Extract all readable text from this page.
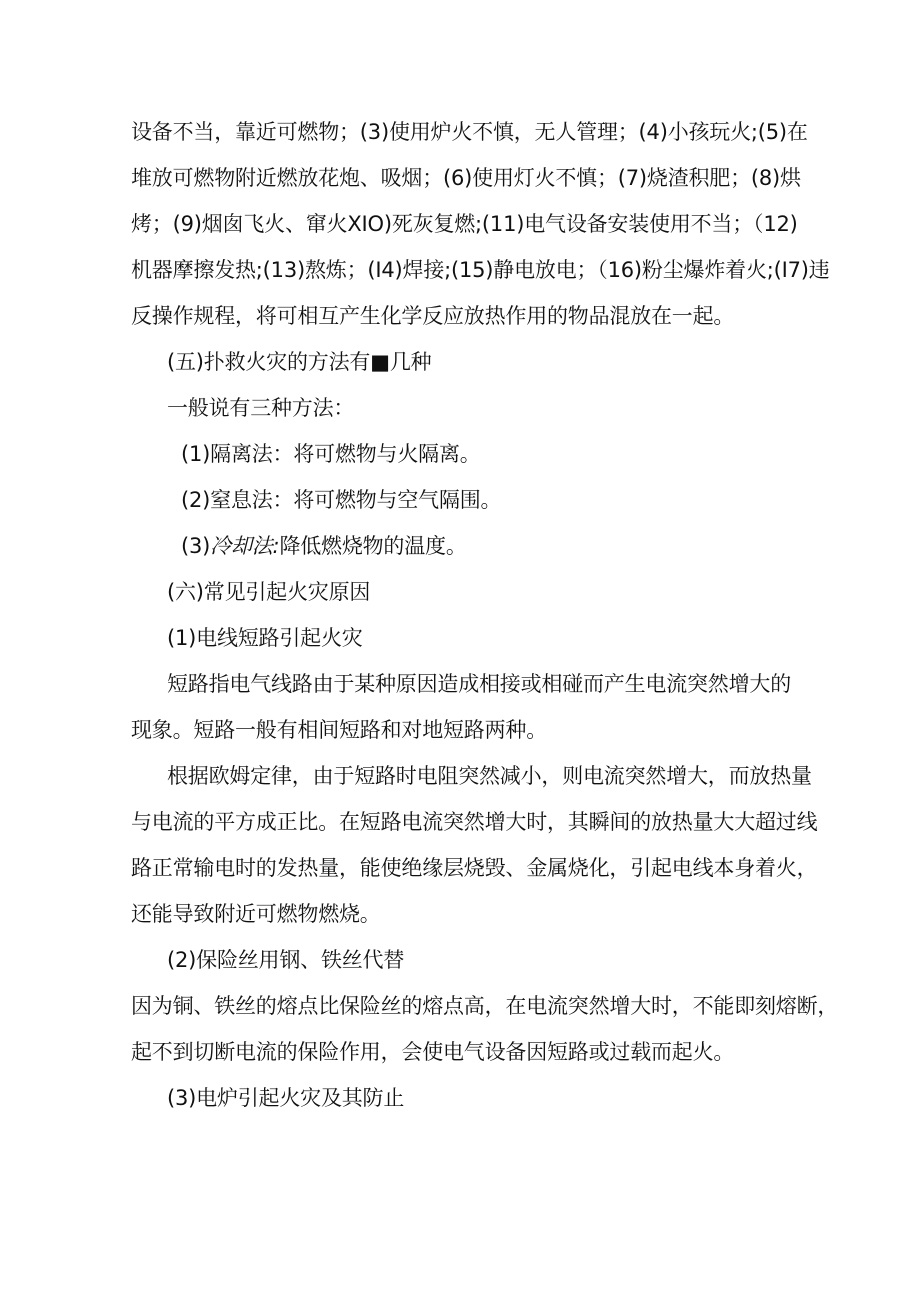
设备不当，靠近可燃物；(3)使用炉火不慎，无人管理；(4)小孩玩火;(5)在

堆放可燃物附近燃放花炮、吸烟；(6)使用灯火不慎；(7)烧渣积肥；(8)烘

烤；(9)烟囱飞火、窜火XIO)死灰复燃;(11)电气设备安装使用不当；（12)

机器摩擦发热;(13)熬炼；(I4)焊接;(15)静电放电；（16)粉尘爆炸着火;(I7)违

反操作规程，将可相互产生化学反应放热作用的物品混放在一起。

(五)扑救火灾的方法有■几种

一般说有三种方法：

(1)隔离法：将可燃物与火隔离。

(2)窒息法：将可燃物与空气隔围。

(3)冷却法:降低燃烧物的温度。

(六)常见引起火灾原因

(1)电线短路引起火灾

短路指电气线路由于某种原因造成相接或相碰而产生电流突然增大的

现象。短路一般有相间短路和对地短路两种。

根据欧姆定律，由于短路时电阻突然减小，则电流突然增大，而放热量

与电流的平方成正比。在短路电流突然增大时，其瞬间的放热量大大超过线

路正常输电时的发热量，能使绝缘层烧毁、金属烧化，引起电线本身着火，

还能导致附近可燃物燃烧。

(2)保险丝用钢、铁丝代替

因为铜、铁丝的熔点比保险丝的熔点高，在电流突然增大时，不能即刻熔断，

起不到切断电流的保险作用，会使电气设备因短路或过载而起火。

(3)电炉引起火灾及其防止
